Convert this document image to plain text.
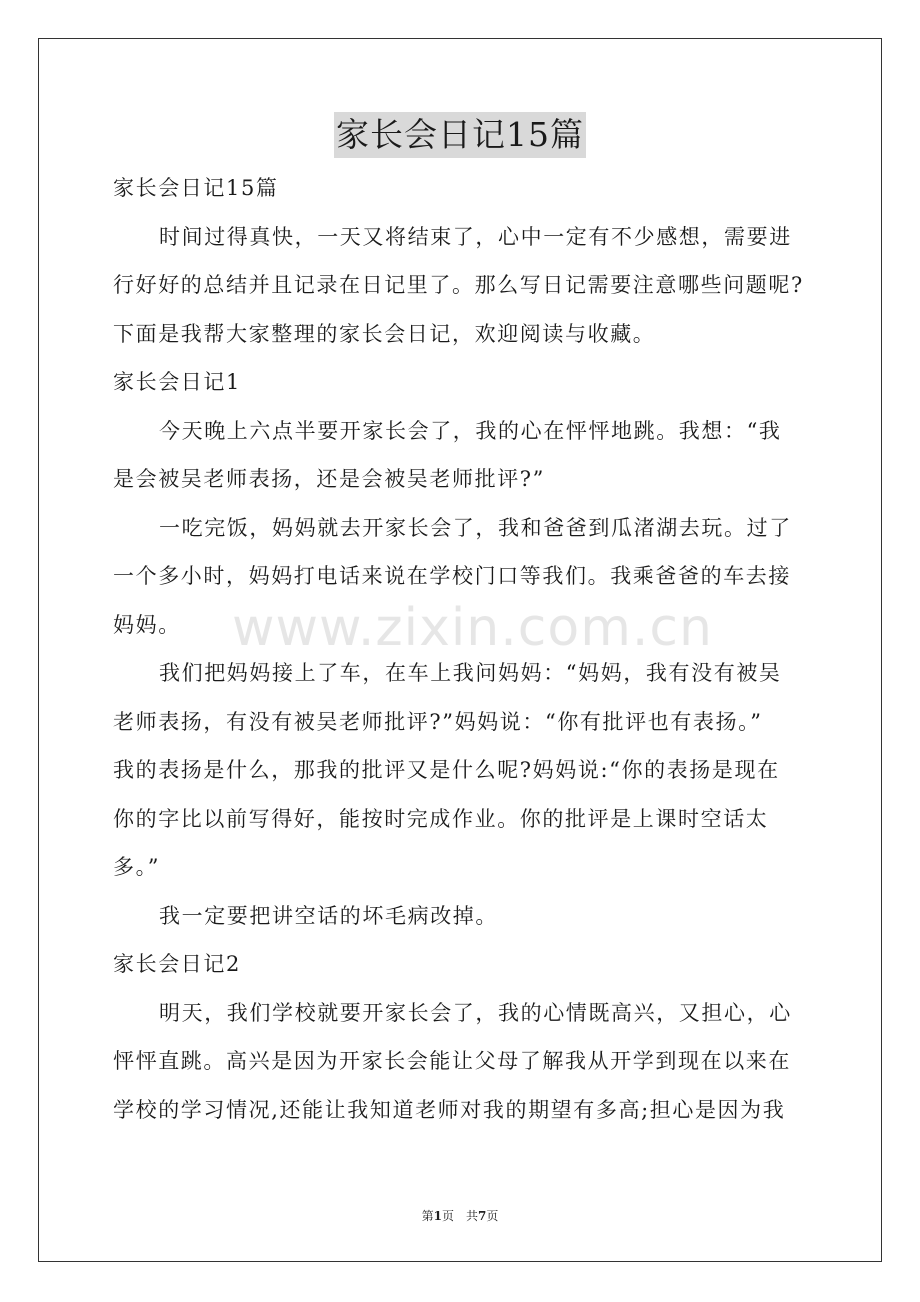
家长会日记15篇
家长会日记15篇
时间过得真快，一天又将结束了，心中一定有不少感想，需要进
行好好的总结并且记录在日记里了。那么写日记需要注意哪些问题呢?
下面是我帮大家整理的家长会日记，欢迎阅读与收藏。
家长会日记1
今天晚上六点半要开家长会了，我的心在怦怦地跳。我想：“我
是会被吴老师表扬，还是会被吴老师批评?”
一吃完饭，妈妈就去开家长会了，我和爸爸到瓜渚湖去玩。过了
一个多小时，妈妈打电话来说在学校门口等我们。我乘爸爸的车去接
妈妈。
我们把妈妈接上了车，在车上我问妈妈：“妈妈，我有没有被吴
老师表扬，有没有被吴老师批评?”妈妈说：“你有批评也有表扬。”
我的表扬是什么，那我的批评又是什么呢?妈妈说:“你的表扬是现在
你的字比以前写得好，能按时完成作业。你的批评是上课时空话太
多。”
我一定要把讲空话的坏毛病改掉。
家长会日记2
明天，我们学校就要开家长会了，我的心情既高兴，又担心，心
怦怦直跳。高兴是因为开家长会能让父母了解我从开学到现在以来在
学校的学习情况,还能让我知道老师对我的期望有多高;担心是因为我
www.zixin.com.cn
第1页　共7页
